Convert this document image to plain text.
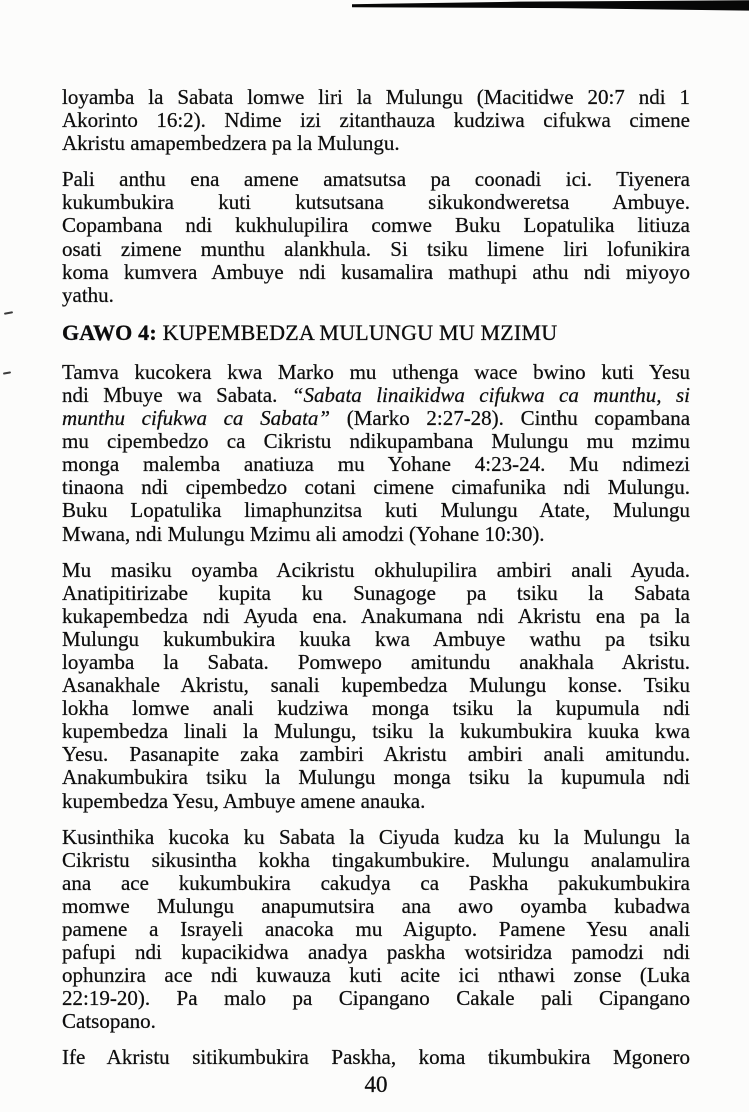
loyamba la Sabata lomwe liri la Mulungu (Macitidwe 20:7 ndi 1
Akorinto 16:2). Ndime izi zitanthauza kudziwa cifukwa cimene
Akristu amapembedzera pa la Mulungu.

Pali anthu ena amene amatsutsa pa coonadi ici. Tiyenera
kukumbukira kuti kutsutsana sikukondweretsa Ambuye.
Copambana ndi kukhulupilira comwe Buku Lopatulika litiuza
osati zimene munthu alankhula. Si tsiku limene liri lofunikira
koma kumvera Ambuye ndi kusamalira mathupi athu ndi miyoyo
yathu.

GAWO 4: KUPEMBEDZA MULUNGU MU MZIMU

Tamva kucokera kwa Marko mu uthenga wace bwino kuti Yesu
ndi Mbuye wa Sabata. “Sabata linaikidwa cifukwa ca munthu, si
munthu cifukwa ca Sabata” (Marko 2:27-28). Cinthu copambana
mu cipembedzo ca Cikristu ndikupambana Mulungu mu mzimu
monga malemba anatiuza mu Yohane 4:23-24. Mu ndimezi
tinaona ndi cipembedzo cotani cimene cimafunika ndi Mulungu.
Buku Lopatulika limaphunzitsa kuti Mulungu Atate, Mulungu
Mwana, ndi Mulungu Mzimu ali amodzi (Yohane 10:30).

Mu masiku oyamba Acikristu okhulupilira ambiri anali Ayuda.
Anatipitirizabe kupita ku Sunagoge pa tsiku la Sabata
kukapembedza ndi Ayuda ena. Anakumana ndi Akristu ena pa la
Mulungu kukumbukira kuuka kwa Ambuye wathu pa tsiku
loyamba la Sabata. Pomwepo amitundu anakhala Akristu.
Asanakhale Akristu, sanali kupembedza Mulungu konse. Tsiku
lokha lomwe anali kudziwa monga tsiku la kupumula ndi
kupembedza linali la Mulungu, tsiku la kukumbukira kuuka kwa
Yesu. Pasanapite zaka zambiri Akristu ambiri anali amitundu.
Anakumbukira tsiku la Mulungu monga tsiku la kupumula ndi
kupembedza Yesu, Ambuye amene anauka.

Kusinthika kucoka ku Sabata la Ciyuda kudza ku la Mulungu la
Cikristu sikusintha kokha tingakumbukire. Mulungu analamulira
ana ace kukumbukira cakudya ca Paskha pakukumbukira
momwe Mulungu anapumutsira ana awo oyamba kubadwa
pamene a Israyeli anacoka mu Aigupto. Pamene Yesu anali
pafupi ndi kupacikidwa anadya paskha wotsiridza pamodzi ndi
ophunzira ace ndi kuwauza kuti acite ici nthawi zonse (Luka
22:19-20). Pa malo pa Cipangano Cakale pali Cipangano
Catsopano.

Ife Akristu sitikumbukira Paskha, koma tikumbukira Mgonero

40
